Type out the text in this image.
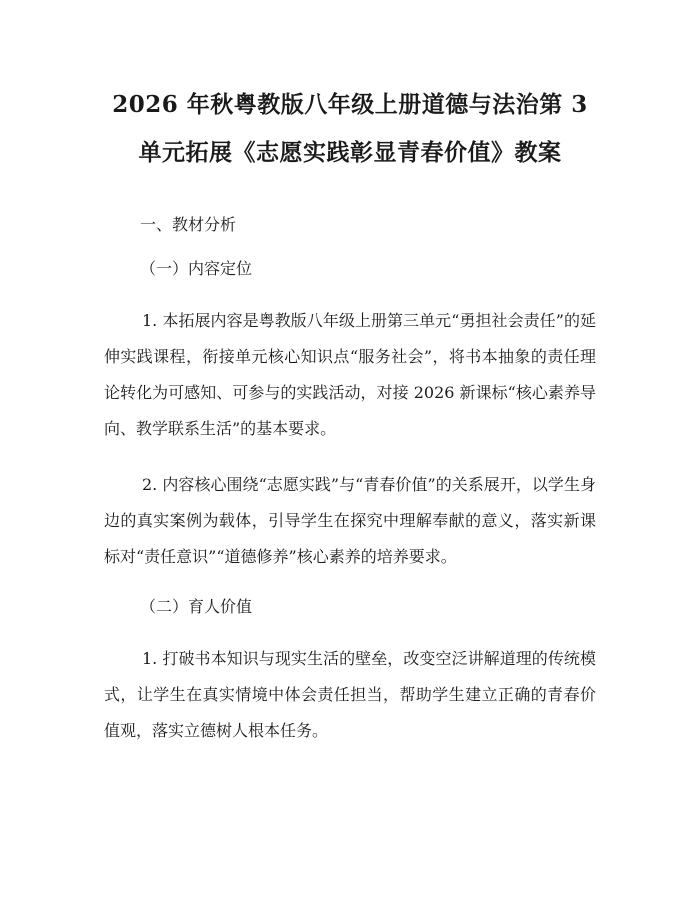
2026 年秋粤教版八年级上册道德与法治第 3
单元拓展《志愿实践彰显青春价值》教案

一、教材分析

（一）内容定位

1. 本拓展内容是粤教版八年级上册第三单元“勇担社会责任”的延伸实践课程，衔接单元核心知识点“服务社会”，将书本抽象的责任理论转化为可感知、可参与的实践活动，对接 2026 新课标“核心素养导向、教学联系生活”的基本要求。

2. 内容核心围绕“志愿实践”与“青春价值”的关系展开，以学生身边的真实案例为载体，引导学生在探究中理解奉献的意义，落实新课标对“责任意识”“道德修养”核心素养的培养要求。

（二）育人价值

1. 打破书本知识与现实生活的壁垒，改变空泛讲解道理的传统模式，让学生在真实情境中体会责任担当，帮助学生建立正确的青春价值观，落实立德树人根本任务。
